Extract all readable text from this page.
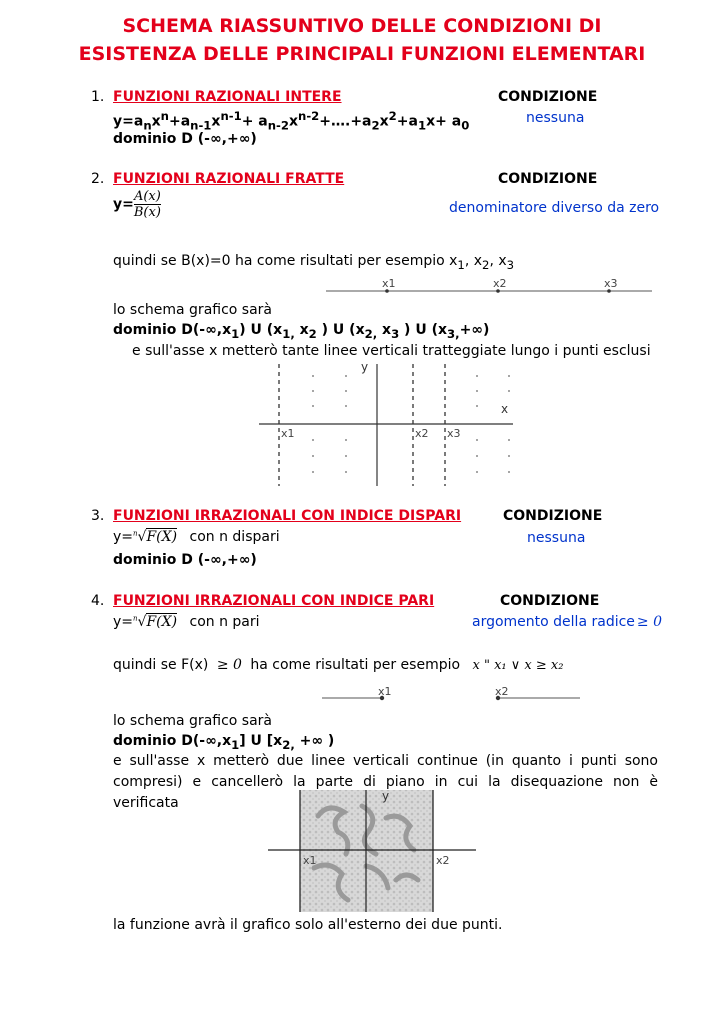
SCHEMA RIASSUNTIVO DELLE CONDIZIONI DI
ESISTENZA DELLE PRINCIPALI FUNZIONI ELEMENTARI
1. FUNZIONI RAZIONALI INTERE	CONDIZIONE
$y=a_nx^n+a_{n-1}x^{n-1}+$ $a_{n-2}x^{n-2}+\dots.+a_2x^2+a_1x+ a_0$	nessuna
dominio D (-∞,+∞)
2. FUNZIONI RAZIONALI FRATTE	CONDIZIONE
$y= \frac{A(x)}{B(x)}$	denominatore diverso da zero
quindi se B(x)=0 ha come risultati per esempio $x_1$, $x_2$, $x_3$
x1	x2	x3
lo schema grafico sarà
dominio $D(-\infty,x_1)$ U ($x_{1,}$ $x_2$ ) U ($x_{2,}$ $x_3$ ) U $(x_{3,}+\infty)$
e sull'asse x metterò tante linee verticali tratteggiate lungo i punti esclusi
y
x
x1	x2 x3
3. FUNZIONI IRRAZIONALI CON INDICE DISPARI	CONDIZIONE
y=$^n$√F(X) con n dispari	nessuna
dominio D (-∞,+∞)
4. FUNZIONI IRRAZIONALI CON INDICE PARI	CONDIZIONE
y=$^n$√F(X) con n pari	argomento della radice ≥ 0
quindi se F(x) ≥ 0 ha come risultati per esempio x " x₁ ∨ x ≥ x₂
x1	x2
lo schema grafico sarà
dominio $D(-\infty,x_1]$ U [$x_{2,}$ +∞ )
e sull'asse x metterò due linee verticali continue (in quanto i punti sono compresi) e cancellerò la parte di piano in cui la disequazione non è verificata	y
x1	x2
la funzione avrà il grafico solo all'esterno dei due punti.
